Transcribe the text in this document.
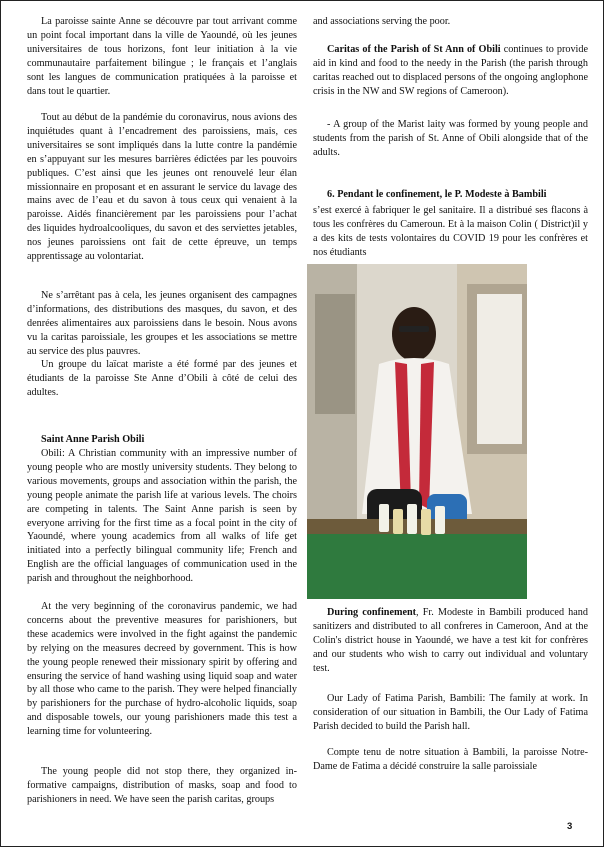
La paroisse sainte Anne se découvre par tout arrivant comme un point focal important dans la ville de Yaoundé, où les jeunes universitaires de tous horizons, font leur initiation à la vie communautaire parfaitement bilingue ; le français et l’anglais sont les langues de communication pratiquées à la paroisse et dans tout le quartier.

Tout au début de la pandémie du coronavirus, nous avions des inquiétudes quant à l’encadrement des paroissiens, mais, ces universitaires se sont impliqués dans la lutte contre la pandémie en s’appuyant sur les mesures barrières édictées par les pouvoirs publiques. C’est ainsi que les jeunes ont renouvelé leur élan missionnaire en proposant et en assurant le service du lavage des mains avec de l’eau et du savon à tous ceux qui venaient à la paroisse. Aidés financièrement par les paroissiens pour l’achat des liquides hydroalcooliques, du savon et des serviettes jetables, nos jeunes paroissiens ont fait de cette épreuve, un temps apprentissage au volontariat.

Ne s’arrêtant pas à cela, les jeunes organisent des campagnes d’informations, des distributions des masques, du savon, et des denrées alimentaires aux paroissiens dans le besoin. Nous avons vu la caritas paroissiale, les groupes et les associations se mettre au service des plus pauvres.

Un groupe du laïcat mariste a été formé par des jeunes et étudiants de la paroisse Ste Anne d’Obili à côté de celui des adultes.

Saint Anne Parish Obili

Obili: A Christian community with an impressive number of young people who are mostly university students. They belong to various movements, groups and association within the parish, the young people animate the parish life at various levels. The choirs are competing in talents. The Saint Anne parish is seen by everyone arriving for the first time as a focal point in the city of Yaoundé, where young academics from all walks of life get initiated into a perfectly bilingual community life; French and English are the official languages of communication used in the parish and throughout the neighborhood.

At the very beginning of the coronavirus pandemic, we had concerns about the preventive measures for parishioners, but these academics were involved in the fight against the pandemic by relying on the measures decreed by government. This is how the young people renewed their missionary spirit by offering and ensuring the service of hand washing using liquid soap and water by all those who came to the parish. They were helped financially by parishioners for the purchase of hydro-alcoholic liquids, soap and disposable towels, our young parishioners made this test a learning time for volunteering.

The young people did not stop there, they organized informative campaigns, distribution of masks, soap and food to parishioners in need. We have seen the parish caritas, groups

and associations serving the poor.

Caritas of the Parish of St Ann of Obili continues to provide aid in kind and food to the needy in the Parish (the parish through caritas reached out to displaced persons of the ongoing anglophone crisis in the NW and SW regions of Cameroon).

- A group of the Marist laity was formed by young people and students from the parish of St. Anne of Obili alongside that of the adults.

6. Pendant le confinement, le P. Modeste à Bambili

s’est exercé à fabriquer le gel sanitaire. Il a distribué ses flacons à tous les confrères du Cameroun. Et à la maison Colin ( District)il y a des kits de tests volontaires du COVID 19 pour les confrères et nos étudiants

During confinement, Fr. Modeste in Bambili produced hand sanitizers and distributed to all confreres in Cameroon, And at the Colin's district house in Yaoundé, we have a test kit for confrères and our students who wish to carry out individual and voluntary test.

Our Lady of Fatima Parish, Bambili: The family at work. In consideration of our situation in Bambili, the Our Lady of Fatima Parish decided to build the Parish hall.

Compte tenu de notre situation à Bambili, la paroisse Notre-Dame de Fatima a décidé construire la salle paroissiale

3
